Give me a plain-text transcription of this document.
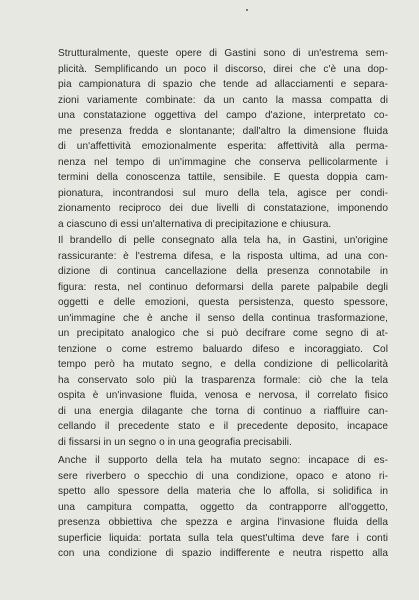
Strutturalmente, queste opere di Gastini sono di un'estrema sem-
plicità. Semplificando un poco il discorso, direi che c'è una dop-
pia campionatura di spazio che tende ad allacciamenti e separa-
zioni variamente combinate: da un canto la massa compatta di
una constatazione oggettiva del campo d'azione, interpretato co-
me presenza fredda e slontanante; dall'altro la dimensione fluida
di un'affettività emozionalmente esperita: affettività alla perma-
nenza nel tempo di un'immagine che conserva pellicolarmente i
termini della conoscenza tattile, sensibile. E questa doppia cam-
pionatura, incontrandosi sul muro della tela, agisce per condi-
zionamento reciproco dei due livelli di constatazione, imponendo
a ciascuno di essi un'alternativa di precipitazione e chiusura.
Il brandello di pelle consegnato alla tela ha, in Gastini, un'origine
rassicurante: è l'estrema difesa, e la risposta ultima, ad una con-
dizione di continua cancellazione della presenza connotabile in
figura: resta, nel continuo deformarsi della parete palpabile degli
oggetti e delle emozioni, questa persistenza, questo spessore,
un'immagine che è anche il senso della continua trasformazione,
un precipitato analogico che si può decifrare come segno di at-
tenzione o come estremo baluardo difeso e incoraggiato. Col
tempo però ha mutato segno, e della condizione di pellicolarità
ha conservato solo più la trasparenza formale: ciò che la tela
ospita è un'invasione fluida, venosa e nervosa, il correlato fisico
di una energia dilagante che torna di continuo a riaffluire can-
cellando il precedente stato e il precedente deposito, incapace
di fissarsi in un segno o in una geografia precisabili.
Anche il supporto della tela ha mutato segno: incapace di es-
sere riverbero o specchio di una condizione, opaco e atono ri-
spetto allo spessore della materia che lo affolla, si solidifica in
una campitura compatta, oggetto da contrapporre all'oggetto,
presenza obbiettiva che spezza e argina l'invasione fluida della
superficie liquida: portata sulla tela quest'ultima deve fare i conti
con una condizione di spazio indifferente e neutra rispetto alla
